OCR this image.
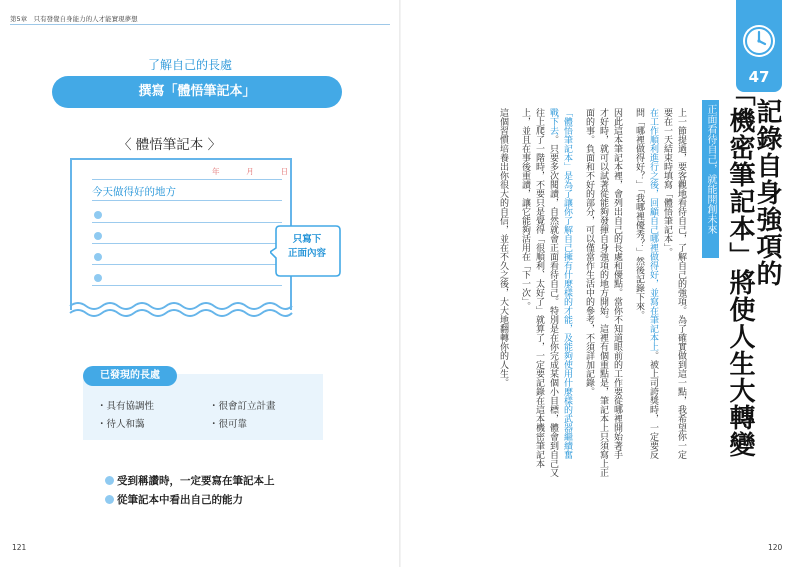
第5章　只有發覺自身能力的人才能實現夢想
了解自己的長處
撰寫「體悟筆記本」
〈 體悟筆記本 〉
年	月	日
今天做得好的地方
只寫下
正面內容
已發現的長處
・具有協調性	・很會訂立計畫
・待人和藹	・很可靠
受到稱讚時，一定要寫在筆記本上
從筆記本中看出自己的能力
121
47
記錄自身強項的
「機密筆記本」將使人生大轉變
正面看待自己，就能開創未來
上一節提過，要客觀地看待自己，了解自己的強項。為了確實做到這一點，我希望你一定
要在一天結束時填寫「體悟筆記本」。
在工作順利進行之後，回顧自己哪裡做得好，並寫在筆記本上。被上司誇獎時，一定要反
問「哪裡做得好？」「我哪裡優秀？」然後記錄下來。
因此這本筆記本裡，會列出自己的長處和優點。當你不知道眼前的工作要從哪裡開始著手
才好時，就可以試著從能夠發揮自身強項的地方開始。這裡有個重點是，筆記本上只須寫上正
面的事。負面和不好的部分，可以僅當作生活中的參考，不須詳加記錄。
「體悟筆記本」是為了讓你了解自己擁有什麼樣的才能，及能夠使用什麼樣的武器繼續奮
戰下去。只要多次閱讀，自然就會正面看待自己。特別是在你完成某個小目標，體會到自己又
往上爬了一階時，不要只是覺得「很順利、太好了」就算了，一定要記錄在這本機密筆記本
上，並且在事後重讀，讓它能夠活用在「下一次」。
這個習慣培養出你很大的自信，並在不久之後，大大地翻轉你的人生。
120
